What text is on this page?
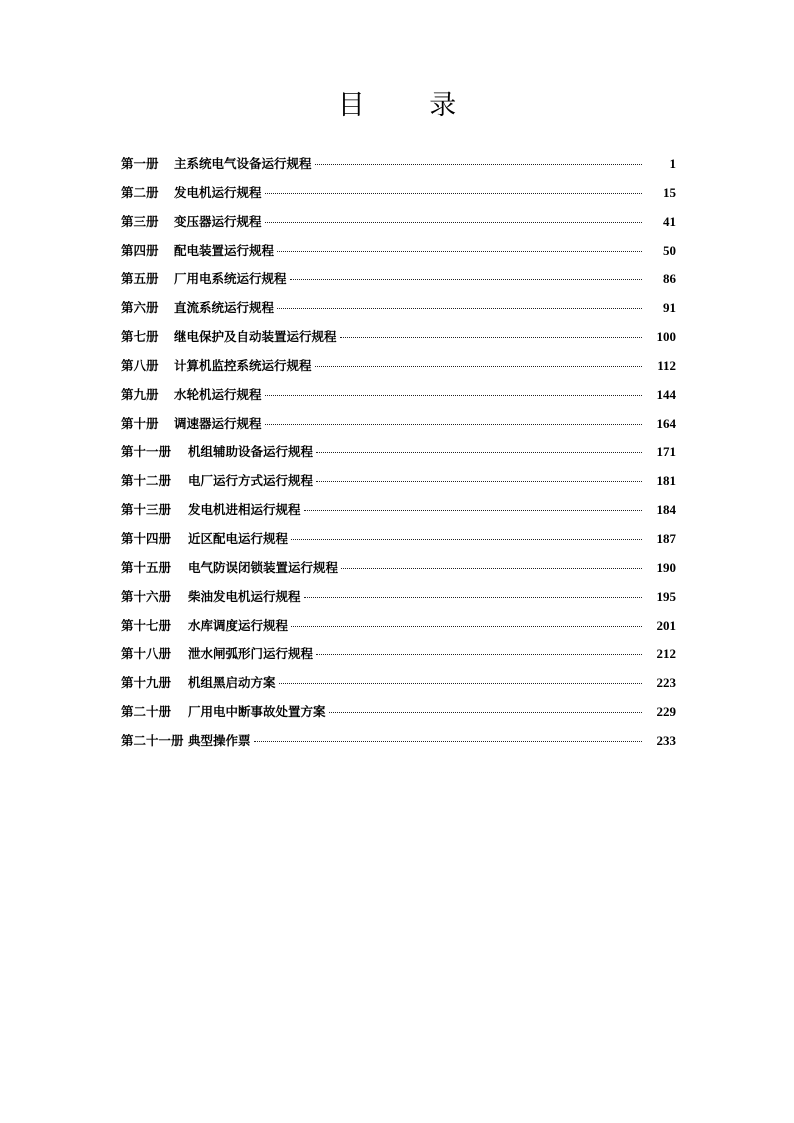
目 录
第一册	主系统电气设备运行规程	1
第二册	发电机运行规程	15
第三册	变压器运行规程	41
第四册	配电装置运行规程	50
第五册	厂用电系统运行规程	86
第六册	直流系统运行规程	91
第七册	继电保护及自动装置运行规程	100
第八册	计算机监控系统运行规程	112
第九册	水轮机运行规程	144
第十册	调速器运行规程	164
第十一册	机组辅助设备运行规程	171
第十二册	电厂运行方式运行规程	181
第十三册	发电机进相运行规程	184
第十四册	近区配电运行规程	187
第十五册	电气防误闭锁装置运行规程	190
第十六册	柴油发电机运行规程	195
第十七册	水库调度运行规程	201
第十八册	泄水闸弧形门运行规程	212
第十九册	机组黑启动方案	223
第二十册	厂用电中断事故处置方案	229
第二十一册 典型操作票	233
